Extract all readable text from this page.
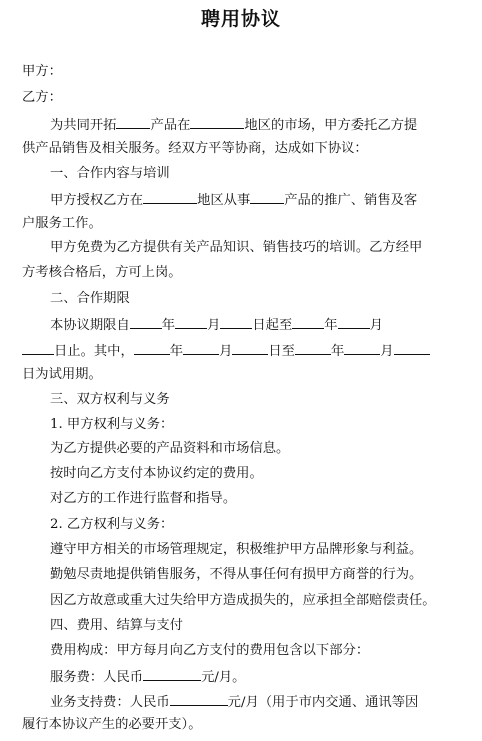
聘用协议
甲方：
乙方：
为共同开拓	产品在	地区的市场，甲方委托乙方提
供产品销售及相关服务。经双方平等协商，达成如下协议：
一、合作内容与培训
甲方授权乙方在	地区从事	产品的推广、销售及客
户服务工作。
甲方免费为乙方提供有关产品知识、销售技巧的培训。乙方经甲
方考核合格后，方可上岗。
二、合作期限
本协议期限自 年 月 日起至 年 月
日止。其中，	年	月	日至	年	月
日为试用期。
三、双方权利与义务
1. 甲方权利与义务：
为乙方提供必要的产品资料和市场信息。
按时向乙方支付本协议约定的费用。
对乙方的工作进行监督和指导。
2. 乙方权利与义务：
遵守甲方相关的市场管理规定，积极维护甲方品牌形象与利益。
勤勉尽责地提供销售服务，不得从事任何有损甲方商誉的行为。
因乙方故意或重大过失给甲方造成损失的，应承担全部赔偿责任。
四、费用、结算与支付
费用构成：甲方每月向乙方支付的费用包含以下部分：
服务费：人民币	元/月。
业务支持费：人民币	元/月（用于市内交通、通讯等因
履行本协议产生的必要开支）。
